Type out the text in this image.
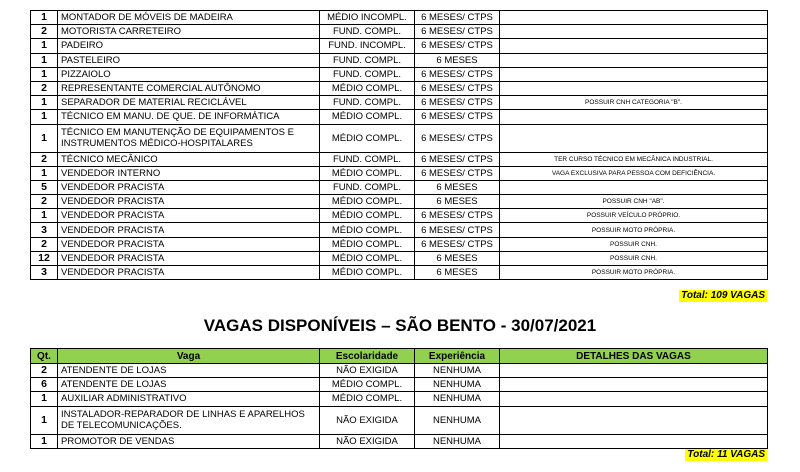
1	MONTADOR DE MÓVEIS DE MADEIRA	MÉDIO INCOMPL.	6 MESES/ CTPS	
2	MOTORISTA CARRETEIRO	FUND. COMPL.	6 MESES/ CTPS	
1	PADEIRO	FUND. INCOMPL.	6 MESES/ CTPS	
1	PASTELEIRO	FUND. COMPL.	6 MESES	
1	PIZZAIOLO	FUND. COMPL.	6 MESES/ CTPS	
2	REPRESENTANTE COMERCIAL AUTÔNOMO	MÉDIO COMPL.	6 MESES/ CTPS	
1	SEPARADOR DE MATERIAL RECICLÁVEL	FUND. COMPL.	6 MESES/ CTPS	POSSUIR CNH CATEGORIA "B".
1	TÉCNICO EM MANU. DE QUE. DE INFORMÁTICA	MÉDIO COMPL.	6 MESES/ CTPS	
1	TÉCNICO EM MANUTENÇÃO DE EQUIPAMENTOS E INSTRUMENTOS MÉDICO-HOSPITALARES	MÉDIO COMPL.	6 MESES/ CTPS	
2	TÉCNICO MECÂNICO	FUND. COMPL.	6 MESES/ CTPS	TER CURSO TÉCNICO EM MECÂNICA INDUSTRIAL.
1	VENDEDOR INTERNO	MÉDIO COMPL.	6 MESES/ CTPS	VAGA EXCLUSIVA PARA PESSOA COM DEFICIÊNCIA.
5	VENDEDOR PRACISTA	FUND. COMPL.	6 MESES	
2	VENDEDOR PRACISTA	MÉDIO COMPL.	6 MESES	POSSUIR CNH "AB".
1	VENDEDOR PRACISTA	MÉDIO COMPL.	6 MESES/ CTPS	POSSUIR VEÍCULO PRÓPRIO.
3	VENDEDOR PRACISTA	MÉDIO COMPL.	6 MESES/ CTPS	POSSUIR MOTO PRÓPRIA.
2	VENDEDOR PRACISTA	MÉDIO COMPL.	6 MESES/ CTPS	POSSUIR CNH.
12	VENDEDOR PRACISTA	MÉDIO COMPL.	6 MESES	POSSUIR CNH.
3	VENDEDOR PRACISTA	MÉDIO COMPL.	6 MESES	POSSUIR MOTO PRÓPRIA.
Total: 109 VAGAS
VAGAS DISPONÍVEIS – SÃO BENTO - 30/07/2021
Qt.	Vaga	Escolaridade	Experiência	DETALHES DAS VAGAS
2	ATENDENTE DE LOJAS	NÃO EXIGIDA	NENHUMA	
6	ATENDENTE DE LOJAS	MÉDIO COMPL.	NENHUMA	
1	AUXILIAR ADMINISTRATIVO	MÉDIO COMPL.	NENHUMA	
1	INSTALADOR-REPARADOR DE LINHAS E APARELHOS DE TELECOMUNICAÇÕES.	NÃO EXIGIDA	NENHUMA	
1	PROMOTOR DE VENDAS	NÃO EXIGIDA	NENHUMA	
Total: 11 VAGAS
